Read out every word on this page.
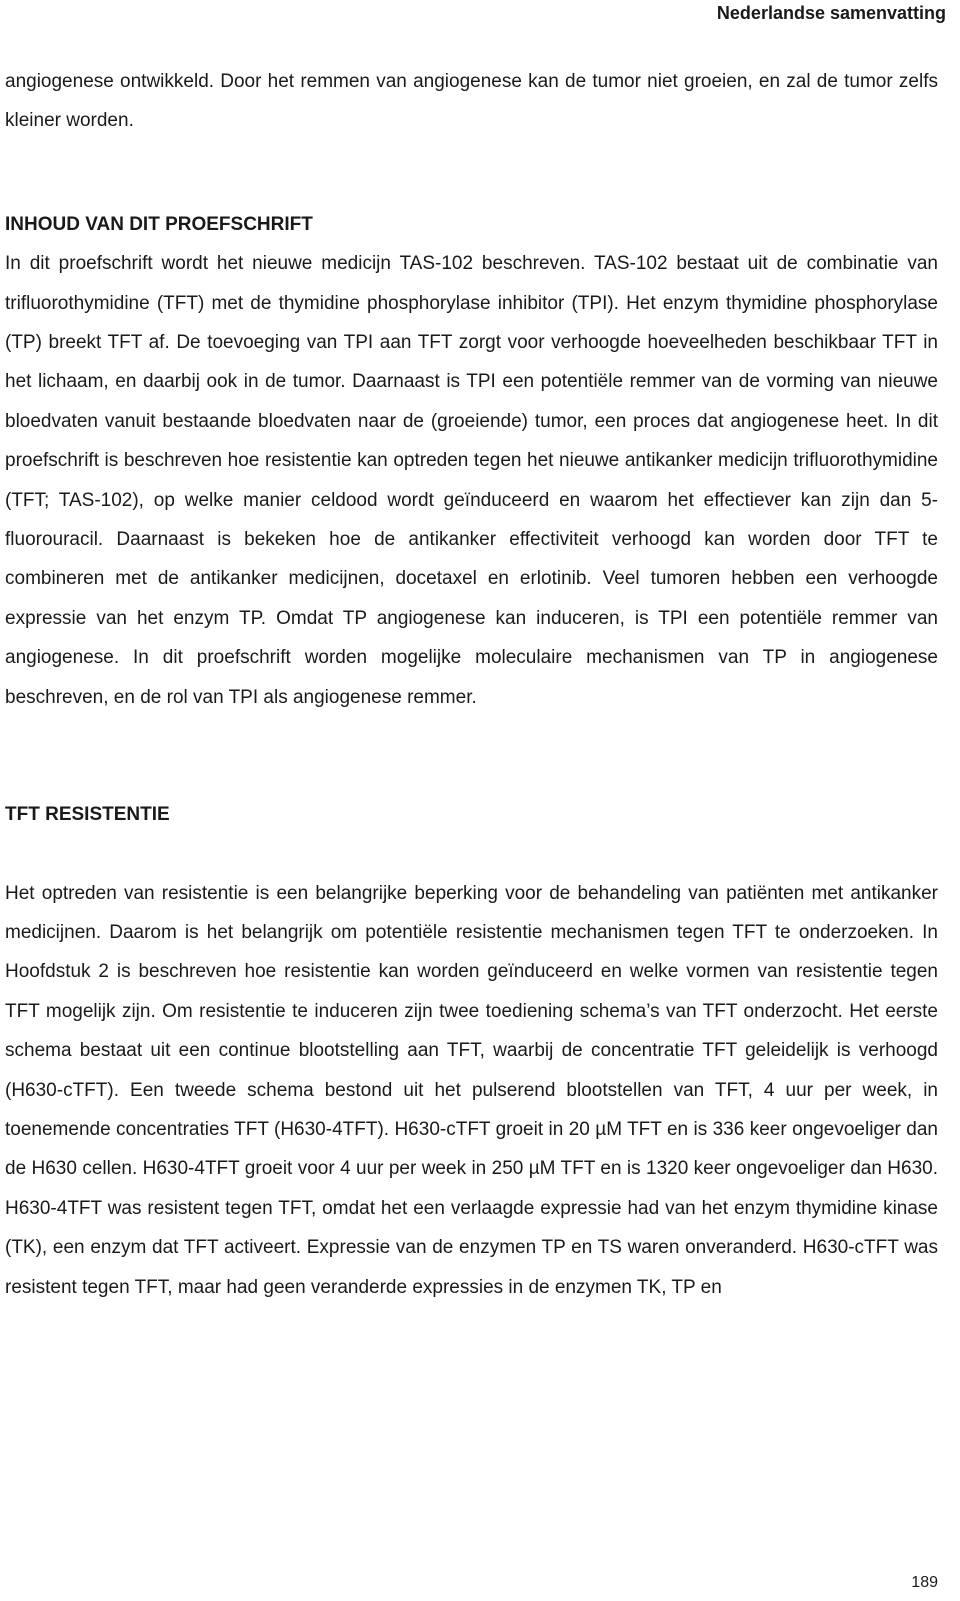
Nederlandse samenvatting

angiogenese ontwikkeld. Door het remmen van angiogenese kan de tumor niet groeien, en zal de tumor zelfs kleiner worden.

INHOUD VAN DIT PROEFSCHRIFT

In dit proefschrift wordt het nieuwe medicijn TAS-102 beschreven. TAS-102 bestaat uit de combinatie van trifluorothymidine (TFT) met de thymidine phosphorylase inhibitor (TPI). Het enzym thymidine phosphorylase (TP) breekt TFT af. De toevoeging van TPI aan TFT zorgt voor verhoogde hoeveelheden beschikbaar TFT in het lichaam, en daarbij ook in de tumor. Daarnaast is TPI een potentiële remmer van de vorming van nieuwe bloedvaten vanuit bestaande bloedvaten naar de (groeiende) tumor, een proces dat angiogenese heet. In dit proefschrift is beschreven hoe resistentie kan optreden tegen het nieuwe antikanker medicijn trifluorothymidine (TFT; TAS-102), op welke manier celdood wordt geïnduceerd en waarom het effectiever kan zijn dan 5-fluorouracil. Daarnaast is bekeken hoe de antikanker effectiviteit verhoogd kan worden door TFT te combineren met de antikanker medicijnen, docetaxel en erlotinib. Veel tumoren hebben een verhoogde expressie van het enzym TP. Omdat TP angiogenese kan induceren, is TPI een potentiële remmer van angiogenese. In dit proefschrift worden mogelijke moleculaire mechanismen van TP in angiogenese beschreven, en de rol van TPI als angiogenese remmer.

TFT RESISTENTIE

Het optreden van resistentie is een belangrijke beperking voor de behandeling van patiënten met antikanker medicijnen. Daarom is het belangrijk om potentiële resistentie mechanismen tegen TFT te onderzoeken. In Hoofdstuk 2 is beschreven hoe resistentie kan worden geïnduceerd en welke vormen van resistentie tegen TFT mogelijk zijn. Om resistentie te induceren zijn twee toediening schema’s van TFT onderzocht. Het eerste schema bestaat uit een continue blootstelling aan TFT, waarbij de concentratie TFT geleidelijk is verhoogd (H630-cTFT). Een tweede schema bestond uit het pulserend blootstellen van TFT, 4 uur per week, in toenemende concentraties TFT (H630-4TFT). H630-cTFT groeit in 20 µM TFT en is 336 keer ongevoeliger dan de H630 cellen. H630-4TFT groeit voor 4 uur per week in 250 µM TFT en is 1320 keer ongevoeliger dan H630. H630-4TFT was resistent tegen TFT, omdat het een verlaagde expressie had van het enzym thymidine kinase (TK), een enzym dat TFT activeert. Expressie van de enzymen TP en TS waren onveranderd. H630-cTFT was resistent tegen TFT, maar had geen veranderde expressies in de enzymen TK, TP en

189
